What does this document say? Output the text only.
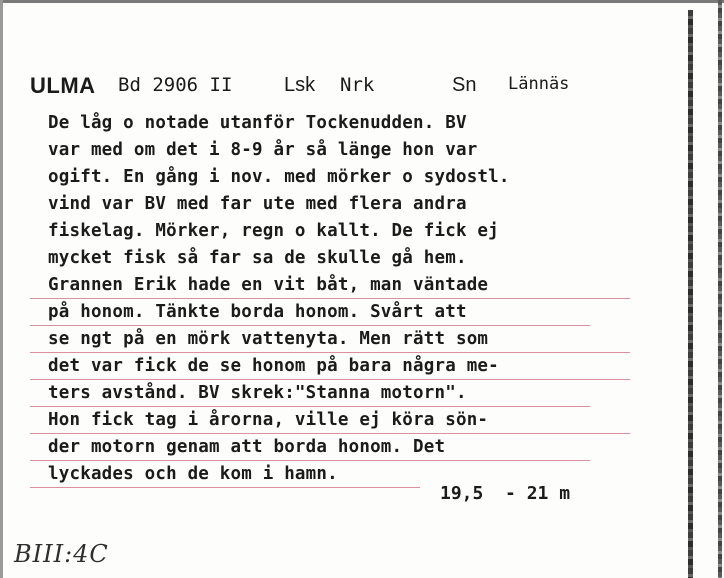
ULMA Bd 2906 II	Lsk Nrk	Sn Lännäs
De låg o notade utanför Tockenudden. BV
var med om det i 8-9 år så länge hon var
ogift. En gång i nov. med mörker o sydostl.
vind var BV med far ute med flera andra
fiskelag. Mörker, regn o kallt. De fick ej
mycket fisk så far sa de skulle gå hem.
Grannen Erik hade en vit båt, man väntade
på honom. Tänkte borda honom. Svårt att
se ngt på en mörk vattenyta. Men rätt som
det var fick de se honom på bara några me-
ters avstånd. BV skrek:"Stanna motorn".
Hon fick tag i årorna, ville ej köra sön-
der motorn genam att borda honom. Det
lyckades och de kom i hamn.
19,5  - 21 m
BIII:4C
